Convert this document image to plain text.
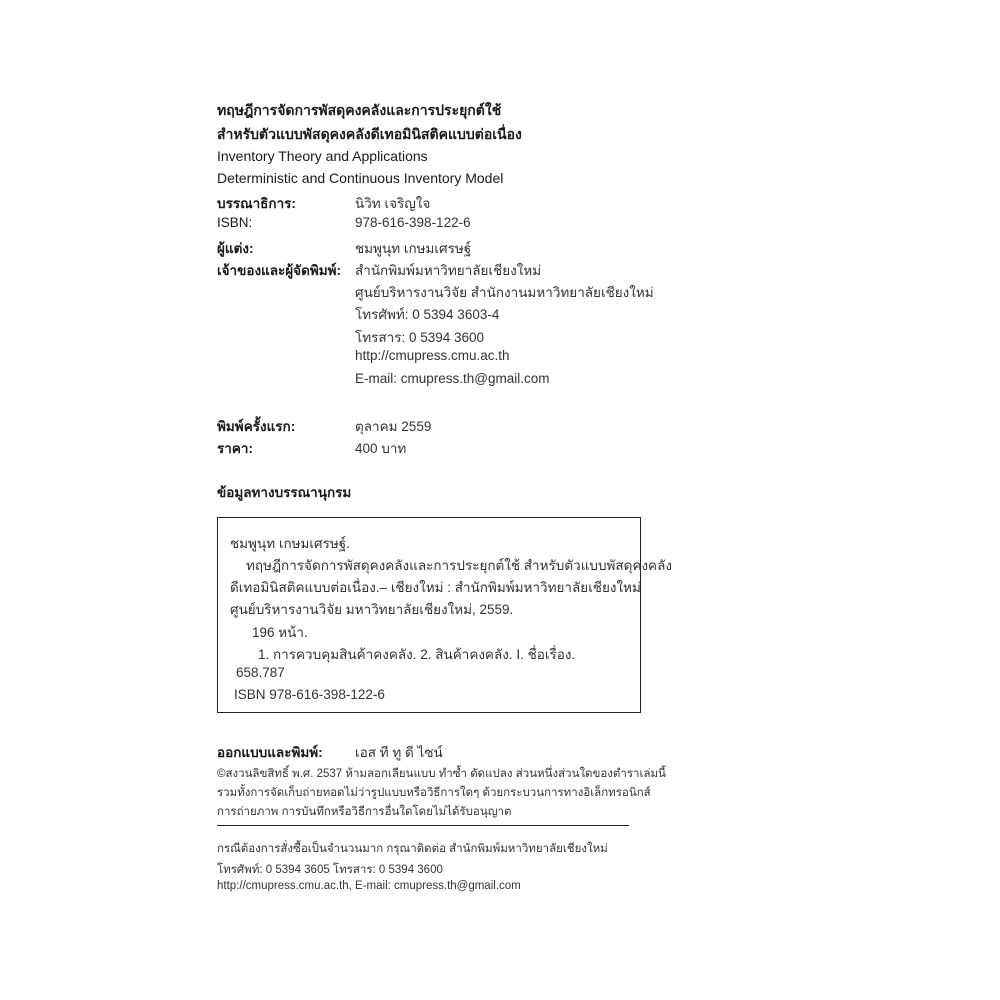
ทฤษฎีการจัดการพัสดุคงคลังและการประยุกต์ใช้
สำหรับตัวแบบพัสดุคงคลังดีเทอมินิสติคแบบต่อเนื่อง
Inventory Theory and Applications
Deterministic and Continuous Inventory Model
บรรณาธิการ:	นิวิท เจริญใจ
ISBN:	978-616-398-122-6
ผู้แต่ง:	ชมพูนุท เกษมเศรษฐ์
เจ้าของและผู้จัดพิมพ์: สำนักพิมพ์มหาวิทยาลัยเชียงใหม่
ศูนย์บริหารงานวิจัย สำนักงานมหาวิทยาลัยเชียงใหม่
โทรศัพท์: 0 5394 3603-4
โทรสาร: 0 5394 3600
http://cmupress.cmu.ac.th
E-mail: cmupress.th@gmail.com
พิมพ์ครั้งแรก:	ตุลาคม 2559
ราคา:	400 บาท
ข้อมูลทางบรรณานุกรม
ชมพูนุท เกษมเศรษฐ์.
ทฤษฎีการจัดการพัสดุคงคลังและการประยุกต์ใช้ สำหรับตัวแบบพัสดุคงคลัง
ดีเทอมินิสติคแบบต่อเนื่อง.– เชียงใหม่ : สำนักพิมพ์มหาวิทยาลัยเชียงใหม่
ศูนย์บริหารงานวิจัย มหาวิทยาลัยเชียงใหม่, 2559.
196 หน้า.
1. การควบคุมสินค้าคงคลัง. 2. สินค้าคงคลัง. I. ชื่อเรื่อง.
658.787
ISBN 978-616-398-122-6
ออกแบบและพิมพ์: เอส ที ทู ดี ไซน์
©สงวนลิขสิทธิ์ พ.ศ. 2537 ห้ามลอกเลียนแบบ ทำซ้ำ ดัดแปลง ส่วนหนึ่งส่วนใดของตำราเล่มนี้
รวมทั้งการจัดเก็บถ่ายทอดไม่ว่ารูปแบบหรือวิธีการใดๆ ด้วยกระบวนการทางอิเล็กทรอนิกส์
การถ่ายภาพ การบันทึกหรือวิธีการอื่นใดโดยไม่ได้รับอนุญาต
กรณีต้องการสั่งซื้อเป็นจำนวนมาก กรุณาติดต่อ สำนักพิมพ์มหาวิทยาลัยเชียงใหม่
โทรศัพท์: 0 5394 3605 โทรสาร: 0 5394 3600
http://cmupress.cmu.ac.th, E-mail: cmupress.th@gmail.com
